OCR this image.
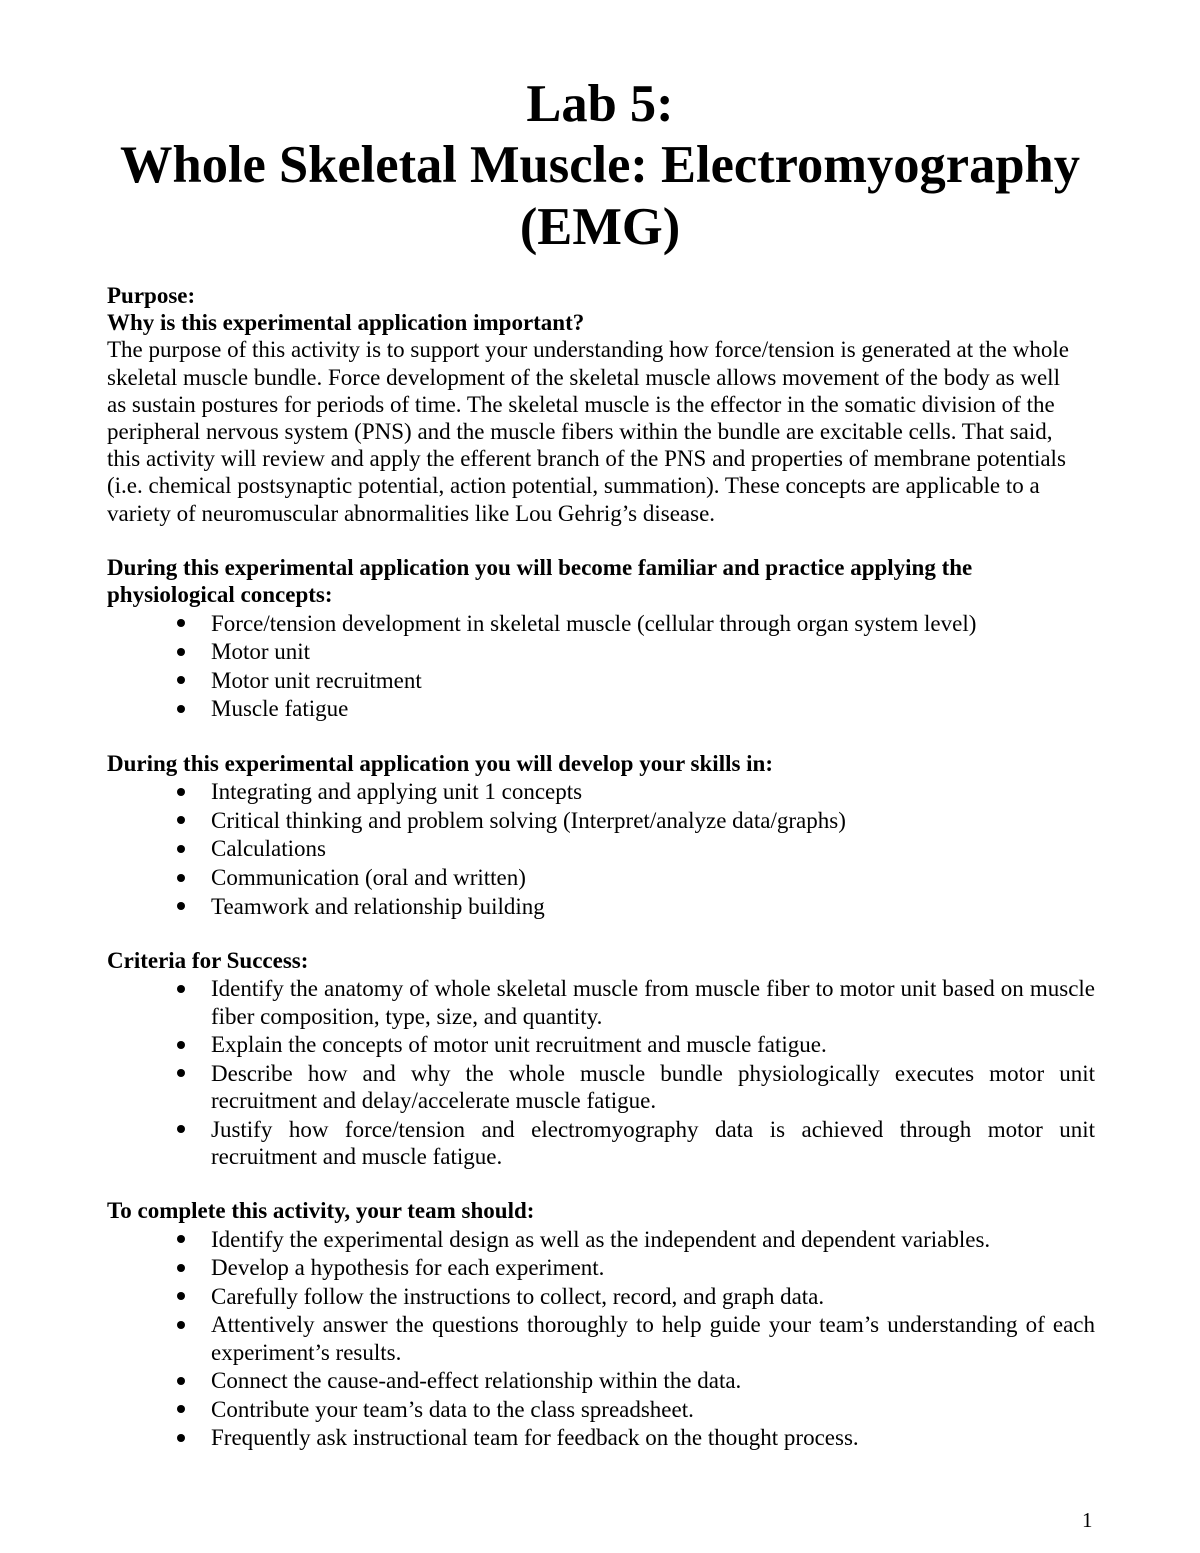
Lab 5:
Whole Skeletal Muscle: Electromyography
(EMG)
Purpose:
Why is this experimental application important?
The purpose of this activity is to support your understanding how force/tension is generated at the whole
skeletal muscle bundle. Force development of the skeletal muscle allows movement of the body as well
as sustain postures for periods of time. The skeletal muscle is the effector in the somatic division of the
peripheral nervous system (PNS) and the muscle fibers within the bundle are excitable cells. That said,
this activity will review and apply the efferent branch of the PNS and properties of membrane potentials
(i.e. chemical postsynaptic potential, action potential, summation). These concepts are applicable to a
variety of neuromuscular abnormalities like Lou Gehrig’s disease.
During this experimental application you will become familiar and practice applying the
physiological concepts:
Force/tension development in skeletal muscle (cellular through organ system level)
Motor unit
Motor unit recruitment
Muscle fatigue
During this experimental application you will develop your skills in:
Integrating and applying unit 1 concepts
Critical thinking and problem solving (Interpret/analyze data/graphs)
Calculations
Communication (oral and written)
Teamwork and relationship building
Criteria for Success:
Identify the anatomy of whole skeletal muscle from muscle fiber to motor unit based on muscle
fiber composition, type, size, and quantity.
Explain the concepts of motor unit recruitment and muscle fatigue.
Describe how and why the whole muscle bundle physiologically executes motor unit
recruitment and delay/accelerate muscle fatigue.
Justify how force/tension and electromyography data is achieved through motor unit
recruitment and muscle fatigue.
To complete this activity, your team should:
Identify the experimental design as well as the independent and dependent variables.
Develop a hypothesis for each experiment.
Carefully follow the instructions to collect, record, and graph data.
Attentively answer the questions thoroughly to help guide your team’s understanding of each
experiment’s results.
Connect the cause-and-effect relationship within the data.
Contribute your team’s data to the class spreadsheet.
Frequently ask instructional team for feedback on the thought process.
1
